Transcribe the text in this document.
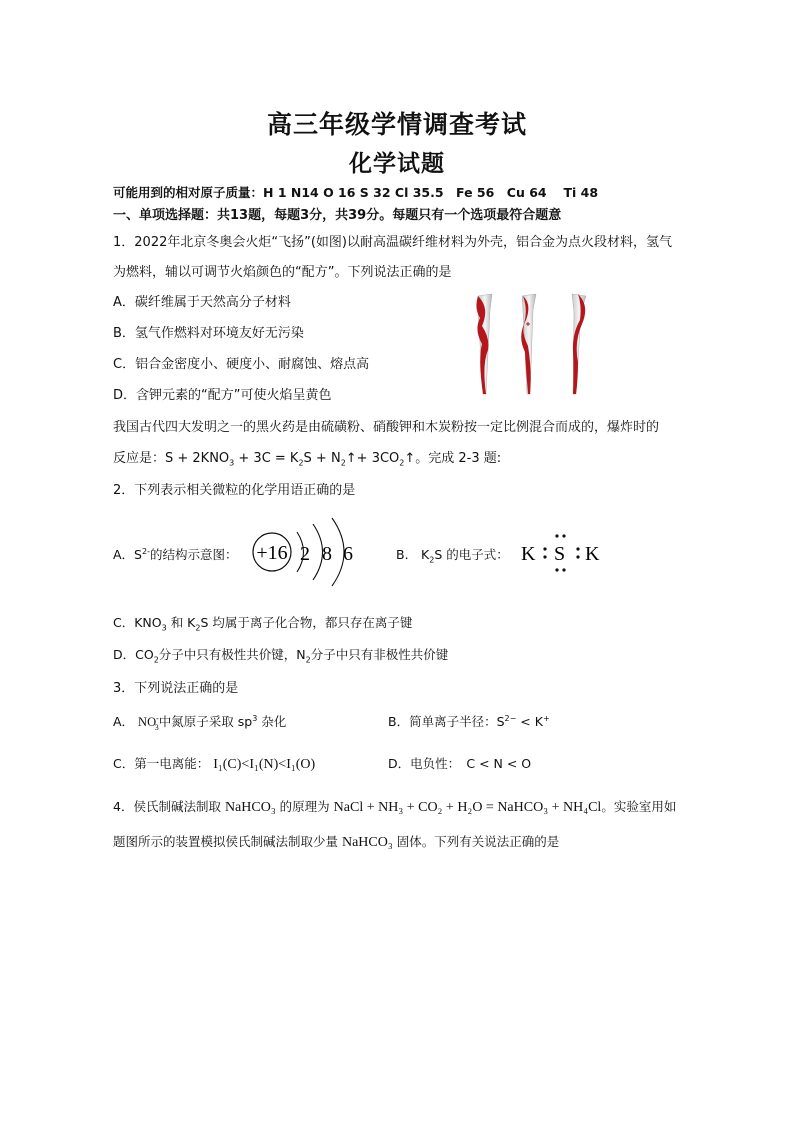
高三年级学情调查考试
化学试题
可能用到的相对原子质量：H 1 N14 O 16 S 32 Cl 35.5　Fe 56　Cu 64　 Ti 48
一、单项选择题：共13题，每题3分，共39分。每题只有一个选项最符合题意
1．2022年北京冬奥会火炬“飞扬”(如图)以耐高温碳纤维材料为外壳，铝合金为点火段材料，氢气
为燃料，辅以可调节火焰颜色的“配方”。下列说法正确的是
A．碳纤维属于天然高分子材料
B．氢气作燃料对环境友好无污染
C．铝合金密度小、硬度小、耐腐蚀、熔点高
D．含钾元素的“配方”可使火焰呈黄色
我国古代四大发明之一的黑火药是由硫磺粉、硝酸钾和木炭粉按一定比例混合而成的，爆炸时的
反应是：$S + 2KNO_3 + 3C = K_2S$ + $N_2↑+$ $3CO_2↑$。完成 2-3 题:
2．下列表示相关微粒的化学用语正确的是
A．$S^{2-}$的结构示意图： +16 2 8 6	B.　$K_2S$ 的电子式： K S K
C．$KNO_3$ 和 $K_2S$ 均属于离子化合物，都只存在离子键
D．$CO_2$分子中只有极性共价键，$N_2$分子中只有非极性共价键
3．下列说法正确的是
A． $NO^-_3$中氮原子采取 $sp^3$ 杂化	B．简单离子半径：$S^{2-} < K^+$
C．第一电离能： I₁(C)<I₁(N)<I₁(O)	D．电负性：　C < N < O
4．侯氏制碱法制取 NaHCO₃ 的原理为 NaCl + NH₃ + CO₂ + H₂O = NaHCO₃ + NH₄Cl。实验室用如
题图所示的装置模拟侯氏制碱法制取少量 NaHCO₃ 固体。下列有关说法正确的是
